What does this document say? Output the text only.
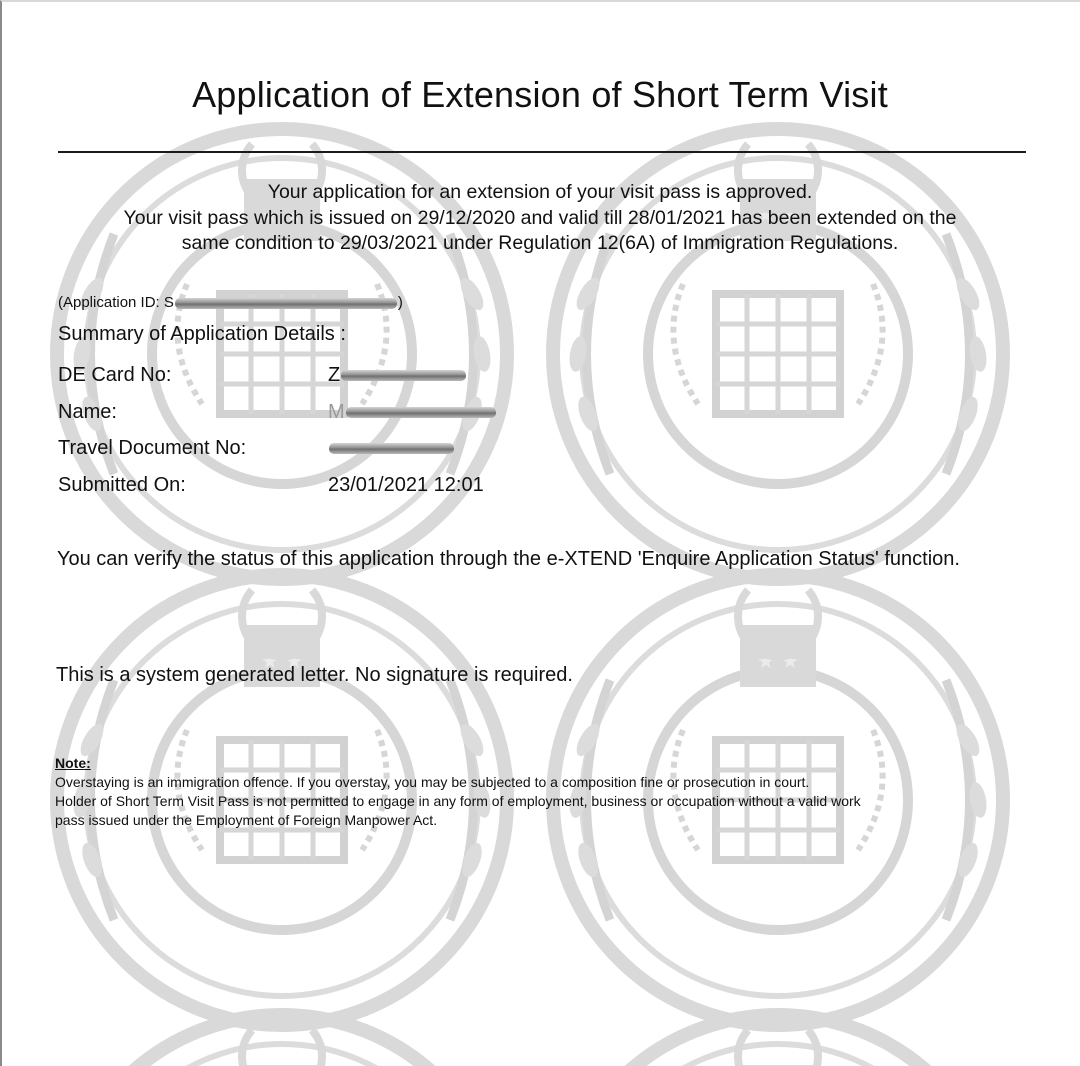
Application of Extension of Short Term Visit
Your application for an extension of your visit pass is approved.
Your visit pass which is issued on 29/12/2020 and valid till 28/01/2021 has been extended on the
same condition to 29/03/2021 under Regulation 12(6A) of Immigration Regulations.
(Application ID: S	)
Summary of Application Details :
DE Card No:	Z
Name:	M
Travel Document No:
Submitted On:	23/01/2021 12:01
You can verify the status of this application through the e-XTEND 'Enquire Application Status' function.
This is a system generated letter. No signature is required.
Note:
Overstaying is an immigration offence. If you overstay, you may be subjected to a composition fine or prosecution in court.
Holder of Short Term Visit Pass is not permitted to engage in any form of employment, business or occupation without a valid work
pass issued under the Employment of Foreign Manpower Act.
